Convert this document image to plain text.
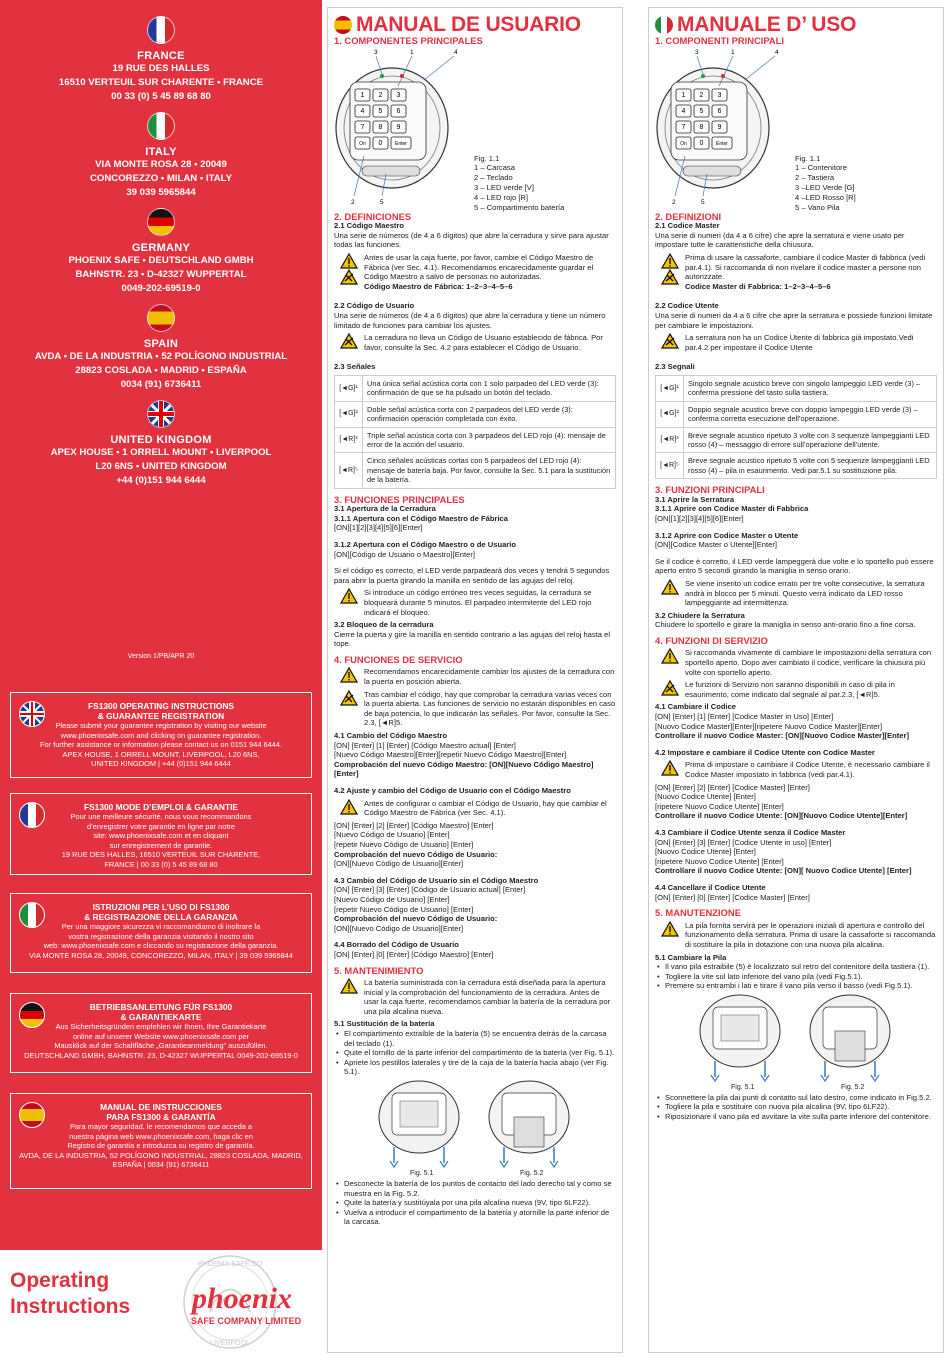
FRANCE
19 RUE DES HALLES
16510 VERTEUIL SUR CHARENTE • FRANCE
00 33 (0) 5 45 89 68 80
ITALY
VIA MONTE ROSA 28 • 20049
CONCOREZZO • MILAN • ITALY
39 039 5965844
GERMANY
PHOENIX SAFE • DEUTSCHLAND GMBH
BAHNSTR. 23 • D-42327 WUPPERTAL
0049-202-69519-0
SPAIN
AVDA • DE LA INDUSTRIA • 52 POLÍGONO INDUSTRIAL
28823 COSLADA • MADRID • ESPAÑA
0034 (91) 6736411
UNITED KINGDOM
APEX HOUSE • 1 ORRELL MOUNT • LIVERPOOL
L20 6NS • UNITED KINGDOM
+44 (0)151 944 6444
Version 1/PB/APR 20
FS1300 OPERATING INSTRUCTIONS
& GUARANTEE REGISTRATION
Please submit your guarantee registration by visiting our website
www.phoenixsafe.com and clicking on guarantee registration.
For further assistance or information please contact us on 0151 944 6444.
APEX HOUSE, 1 ORRELL MOUNT, LIVERPOOL, L20 6NS,
UNITED KINGDOM | +44 (0)151 944 6444
FS1300 MODE D’EMPLOI & GARANTIE
Pour une meilleure sécurité, nous vous recommandons
d’enregistrer votre garantie en ligne par notre
site: www.phoenixsafe.com et en cliquant
sur enregistrement de garantie.
19 RUE DES HALLES, 16510 VERTEUIL SUR CHARENTE,
FRANCE | 00 33 (0) 5 45 89 68 80
ISTRUZIONI PER L’USO DI FS1300
& REGISTRAZIONE DELLA GARANZIA
Per una maggiore sicurezza vi raccomandiamo di inoltrare la
vostra registrazione della garanzia visitando il nostro sito
web: www.phoenixsafe.com e cliccando su registrazione della garanzia.
VIA MONTE ROSA 28, 20049, CONCOREZZO, MILAN, ITALY | 39 039 5965844
BETRIEBSANLEITUNG FÜR FS1300
& GARANTIEKARTE
Aus Sicherheitsgründen empfehlen wir Ihnen, Ihre Garantiekarte
online auf unserer Website www.phoenixsafe.com per
Mausklick auf der Schaltfläche „Garantieanmeldung“ auszufüllen.
DEUTSCHLAND GMBH, BAHNSTR. 23, D-42327 WUPPERTAL 0049-202-69519-0
MANUAL DE INSTRUCCIONES
PARA FS1300 & GARANTÍA
Para mayor seguridad, le recomendamos que acceda a
nuestra página web www.phoenixsafe.com, haga clic en
Registro de garantía e introduzca su registro de garantía.
AVDA, DE LA INDUSTRIA, 52 POLÍGONO INDUSTRIAL, 28823 COSLADA, MADRID,
ESPAÑA | 0034 (91) 6736411
Operating
Instructions
PHOENIX SAFE CO
LIVERPOOL
phoenix
SAFE COMPANY LIMITED
MANUAL DE USUARIO
1. COMPONENTES PRINCIPALES
1 2 3
4 5 6
7 8 9
On 0	Enter
3	1	4
2	5
Fig. 1.1
1 – Carcasa
2 – Teclado
3 – LED verde [V]
4 – LED rojo [R]
5 – Compartimento batería
2. DEFINICIONES
2.1 Código Maestro

Una serie de números (de 4 a 6 dígitos) que abre la cerradura y sirve para ajustar todas las funciones.

Antes de usar la caja fuerte, por favor, cambie el Código Maestro de Fábrica (ver Sec. 4.1). Recomendamos encarecidamente guardar el Código Maestro a salvo de personas no autorizadas.

Código Maestro de Fábrica: 1–2–3–4–5–6

2.2 Código de Usuario

Una serie de números (de 4 a 6 dígitos) que abre la cerradura y tiene un número limitado de funciones para cambiar los ajustes.

La cerradura no lleva un Código de Usuario establecido de fábrica. Por favor, consulte la Sec. 4.2 para establecer el Código de Usuario.

2.3 Señales
[◄G]¹	Una única señal acústica corta con 1 solo parpadeo del LED verde (3): confirmación de que se ha pulsado un botón del teclado.
[◄G]²	Doble señal acústica corta con 2 parpadeos del LED verde (3): confirmación operación completada con éxito.
[◄R]³	Triple señal acústica corta con 3 parpadeos del LED rojo (4): mensaje de error de la acción del usuario.
[◄R]⁵	Cinco señales acústicas cortas con 5 parpadeos del LED rojo (4): mensaje de batería baja. Por favor, consulte la Sec. 5.1 para la sustitución de la batería.
3. FUNCIONES PRINCIPALES
3.1 Apertura de la Cerradura
3.1.1 Apertura con el Código Maestro de Fábrica

[ON][1][2][3][4][5][6][Enter]

3.1.2 Apertura con el Código Maestro o de Usuario

[ON][Código de Usuario o Maestro][Enter]

Si el código es correcto, el LED verde parpadeará dos veces y tendrá 5 segundos para abrir la puerta girando la manilla en sentido de las agujas del reloj.

Si introduce un código erróneo tres veces seguidas, la cerradura se bloqueará durante 5 minutos. El parpadeo intermitente del LED rojo indicará el bloqueo.

3.2 Bloqueo de la cerradura

Cierre la puerta y gire la manilla en sentido contrario a las agujas del reloj hasta el tope.

4. FUNCIONES DE SERVICIO

Recomendamos encarecidamente cambiar los ajustes de la cerradura con la puerta en posición abierta.

Tras cambiar el código, hay que comprobar la cerradura varias veces con la puerta abierta. Las funciones de servicio no estarán disponibles en caso de baja potencia, lo que indicarán las señales. Por favor, consulte la Sec. 2.3, [◄R]5.

4.1 Cambio del Código Maestro

[ON] [Enter] [1] [Enter] [Código Maestro actual] [Enter]

[Nuevo Código Maestro][Enter][repetir Nuevo Código Maestro][Enter]

Comprobación del nuevo Código Maestro: [ON][Nuevo Código Maestro][Enter]

4.2 Ajuste y cambio del Código de Usuario con el Código Maestro

Antes de configurar o cambiar el Código de Usuario, hay que cambiar el Código Maestro de Fábrica (ver Sec. 4.1).

[ON] [Enter] [2] [Enter] [Código Maestro] [Enter]

[Nuevo Código de Usuario] [Enter]

[repetir Nuevo Código de Usuario] [Enter]

Comprobación del nuevo Código de Usuario:

[ON][Nuevo Código de Usuario][Enter]

4.3 Cambio del Código de Usuario sin el Código Maestro

[ON] [Enter] [3] [Enter] [Código de Usuario actual] [Enter]

[Nuevo Código de Usuario] [Enter]

[repetir Nuevo Código de Usuario] [Enter]

Comprobación del nuevo Código de Usuario:

[ON][Nuevo Código de Usuario][Enter]

4.4 Borrado del Código de Usuario

[ON] [Enter] [0] [Enter] [Código Maestro] [Enter]

5. MANTENIMIENTO

La batería suministrada con la cerradura está diseñada para la apertura inicial y la comprobación del funcionamiento de la cerradura. Antes de usar la caja fuerte, recomendamos cambiar la batería de la cerradura por una pila alcalina nueva.

5.1 Sustitución de la batería
• El compartimento extraíble de la batería (5) se encuentra detrás de la carcasa del teclado (1).
• Quite el tornillo de la parte inferior del compartimento de la batería (ver Fig. 5.1).
• Apriete los pestillos laterales y tire de la caja de la batería hacia abajo (ver Fig. 5.1).
Fig. 5.1	Fig. 5.2
• Desconecte la batería de los puntos de contacto del lado derecho tal y como se muestra en la Fig. 5.2.
• Quite la batería y sustitúyala por una pila alcalina nueva (9V, tipo 6LF22).
• Vuelva a introducir el compartimento de la batería y atornille la parte inferior de la carcasa.
MANUALE D’ USO
1. COMPONENTI PRINCIPALI
1 2 3
4 5 6
7 8 9
On 0	Enter
3	1	4
2	5
Fig. 1.1
1 – Contenitore
2 – Tastiera
3 –LED Verde [G]
4 –LED Rosso [R]
5 – Vano Pila
2. DEFINIZIONI
2.1 Codice Master

Una serie di numeri (da 4 a 6 cifre) che apre la serratura e viene usato per impostare tutte le caratteristiche della chiusura.

Prima di usare la cassaforte, cambiare il codice Master di fabbrica (vedi par.4.1). Si raccomanda di non rivelare il codice master a persone non autorizzate.

Codice Master di Fabbrica: 1–2–3–4–5–6

2.2 Codice Utente

Una serie di numeri da 4 a 6 cifre che apre la serratura e possiede funzioni limitate per cambiare le impostazioni.

La serratura non ha un Codice Utente di fabbrica già impostato.Vedi par.4.2 per impostare il Codice Utente

2.3 Segnali
[◄G]¹	Singolo segnale acustico breve con singolo lampeggio LED verde (3) – conferma pressione del tasto sulla tastiera.
[◄G]²	Doppio segnale acustico breve con doppio lampeggio LED verde (3) – conferma corretta esecuzione dell’operazione.
[◄R]³	Breve segnale acustico ripetuto 3 volte con 3 sequenze lampeggianti LED rosso (4) – messaggio di errore sull’operazione dell’utente.
[◄R]⁵	Breve segnale acustico ripetuto 5 volte con 5 sequenze lampeggianti LED rosso (4) – pila in esaurimento. Vedi par.5.1 su sostituzione pila.
3. FUNZIONI PRINCIPALI
3.1 Aprire la Serratura
3.1.1 Aprire con Codice Master di Fabbrica

[ON][1][2][3][4][5][6][Enter]

3.1.2 Aprire con Codice Master o Utente

[ON][Codice Master o Utente][Enter]

Se il codice è corretto, il LED verde lampeggerà due volte e lo sportello può essere aperto entro 5 secondi girando la maniglia in senso orario.

Se viene inserito un codice errato per tre volte consecutive, la serratura andrà in blocco per 5 minuti. Questo verrà indicato da LED rosso lampeggiante ad intermittenza.

3.2 Chiudere la Serratura

Chiudere lo sportello e girare la maniglia in senso anti-orario fino a fine corsa.

4. FUNZIONI DI SERVIZIO

Si raccomanda vivamente di cambiare le impostazioni della serratura con sportello aperto. Dopo aver cambiato il codice, verificare la chiusura più volte con sportello aperto.

Le funzioni di Servizio non saranno disponibili in caso di pila in esaurimento, come indicato dal segnale al par.2.3, [◄R]5.

4.1 Cambiare il Codice

[ON] [Enter] [1] [Enter] [Codice Master in Uso] [Enter]

[Nuovo Codice Master][Enter][ripetere Nuovo Codice Master][Enter]

Controllare il nuovo Codice Master: [ON][Nuovo Codice Master][Enter]

4.2 Impostare e cambiare il Codice Utente con Codice Master

Prima di impostare o cambiare il Codice Utente, è necessario cambiare il Codice Master impostato in fabbrica (vedi par.4.1).

[ON] [Enter] [2] [Enter] [Codice Master] [Enter]

[Nuovo Codice Utente] [Enter]

[ripetere Nuovo Codice Utente] [Enter]

Controllare il nuovo Codice Utente: [ON][Nuovo Codice Utente][Enter]

4.3 Cambiare il Codice Utente senza il Codice Master

[ON] [Enter] [3] [Enter] [Codice Utente in uso] [Enter]

[Nuovo Codice Utente] [Enter]

[ripetere Nuovo Codice Utente] [Enter]

Controllare il nuovo Codice Utente: [ON][ Nuovo Codice Utente] [Enter]

4.4 Cancellare il Codice Utente

[ON] [Enter] [0] [Enter] [Codice Master] [Enter]

5. MANUTENZIONE

La pila fornita servirà per le operazioni iniziali di apertura e controllo del funzionamento della serratura. Prima di usare la cassaforte si raccomanda di sostituire la pila in dotazione con una nuova pila alcalina.

5.1 Cambiare la Pila
• Il vano pila estraibile (5) è localizzato sul retro del contenitore della tastiera (1).
• Togliere la vite sul lato inferiore del vano pila (vedi Fig.5.1).
• Premere su entrambi i lati e tirare il vano pila verso il basso (vedi Fig.5.1).
Fig. 5.1	Fig. 5.2
• Sconnettere la pila dai punti di contatto sul lato destro, come indicato in Fig.5.2.
• Togliere la pila e sostituire con nuova pila alcalina (9V, tipo 6LF22).
• Riposizionare il vano pila ed avvitare la vite sulla parte inferiore del contenitore.
